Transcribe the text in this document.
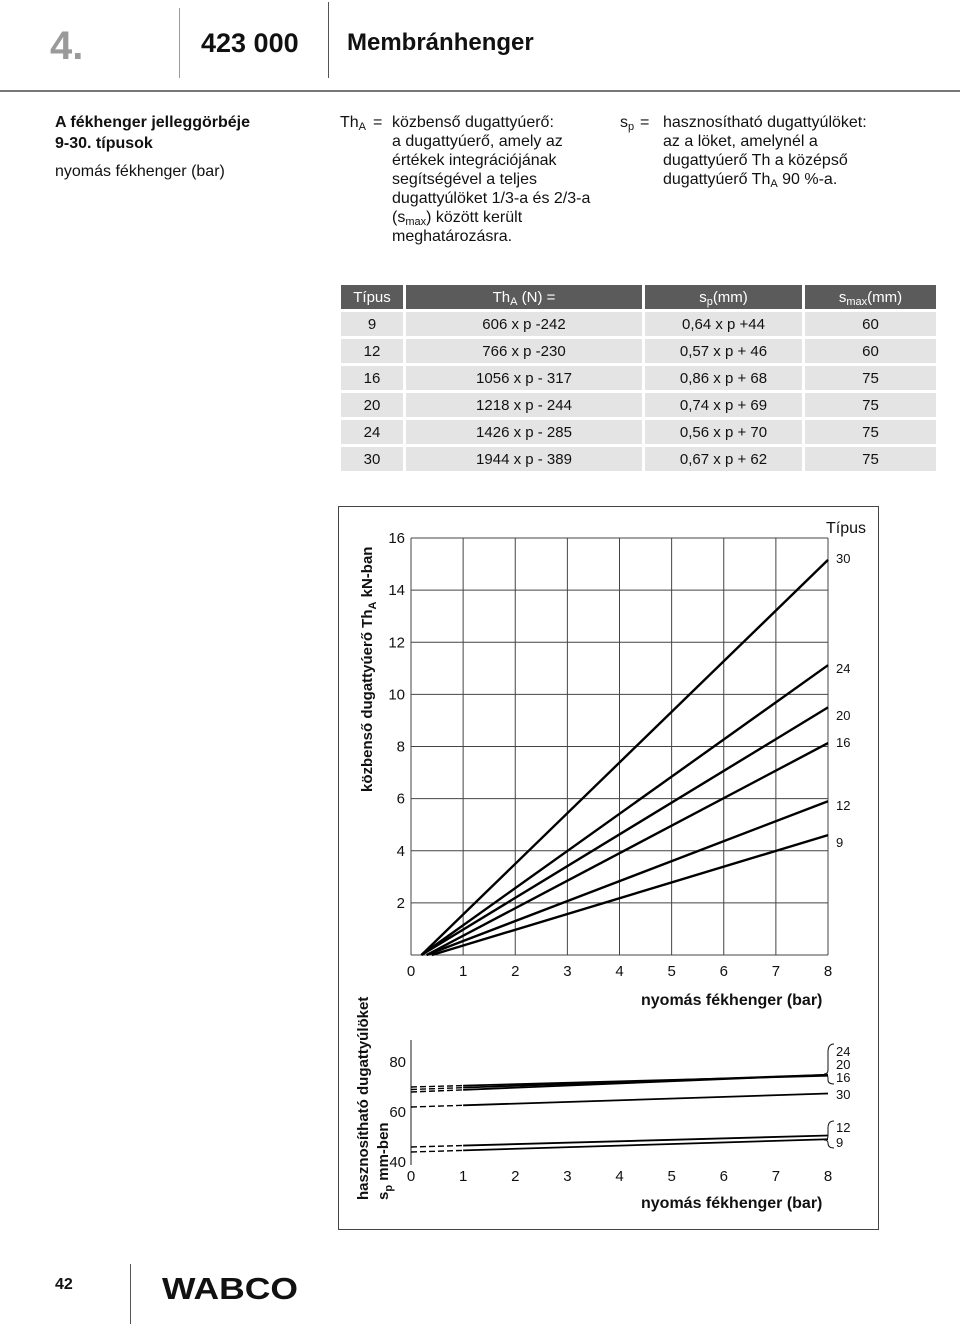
4.	423 000 Membránhenger
A fékhenger jelleggörbéje
9-30. típusok
nyomás fékhenger (bar)
$Th_A$ = közbenső dugattyúerő:
a dugattyúerő, amely az
értékek integrációjának
segítségével a teljes
dugattyúlöket 1/3-a és 2/3-a
$(s_{max})$ között került
meghatározásra.
$s_p$ = hasznosítható dugattyúlöket:
az a löket, amelynél a
dugattyúerő Th a középső
dugattyúerő $Th_A$ 90 %-a.
Típus	$Th_A$ (N) =	$s_p(mm)$	$s_{max}(mm)$
9	606 x p -242	0,64 x p +44	60
12	766 x p -230	0,57 x p + 46	60
16	1056 x p - 317	0,86 x p + 68	75
20	1218 x p - 244	0,74 x p + 69	75
24	1426 x p - 285	0,56 x p + 70	75
30	1944 x p - 389	0,67 x p + 62	75
közbenső dugattyúerő $Th_A$ kN-ban
Típus
nyomás fékhenger (bar)
2
4
6
8
10
12
14
16
0	1	2	3	4	5	6	7	8
30
24
20
16
12
9
hasznosítható dugattyúlöket $s_p$ mm-ben
nyomás fékhenger (bar)
40
60
80
0	1	2	3	4	5	6	7	8
24
20
16
30
12
9
42	WABCO
